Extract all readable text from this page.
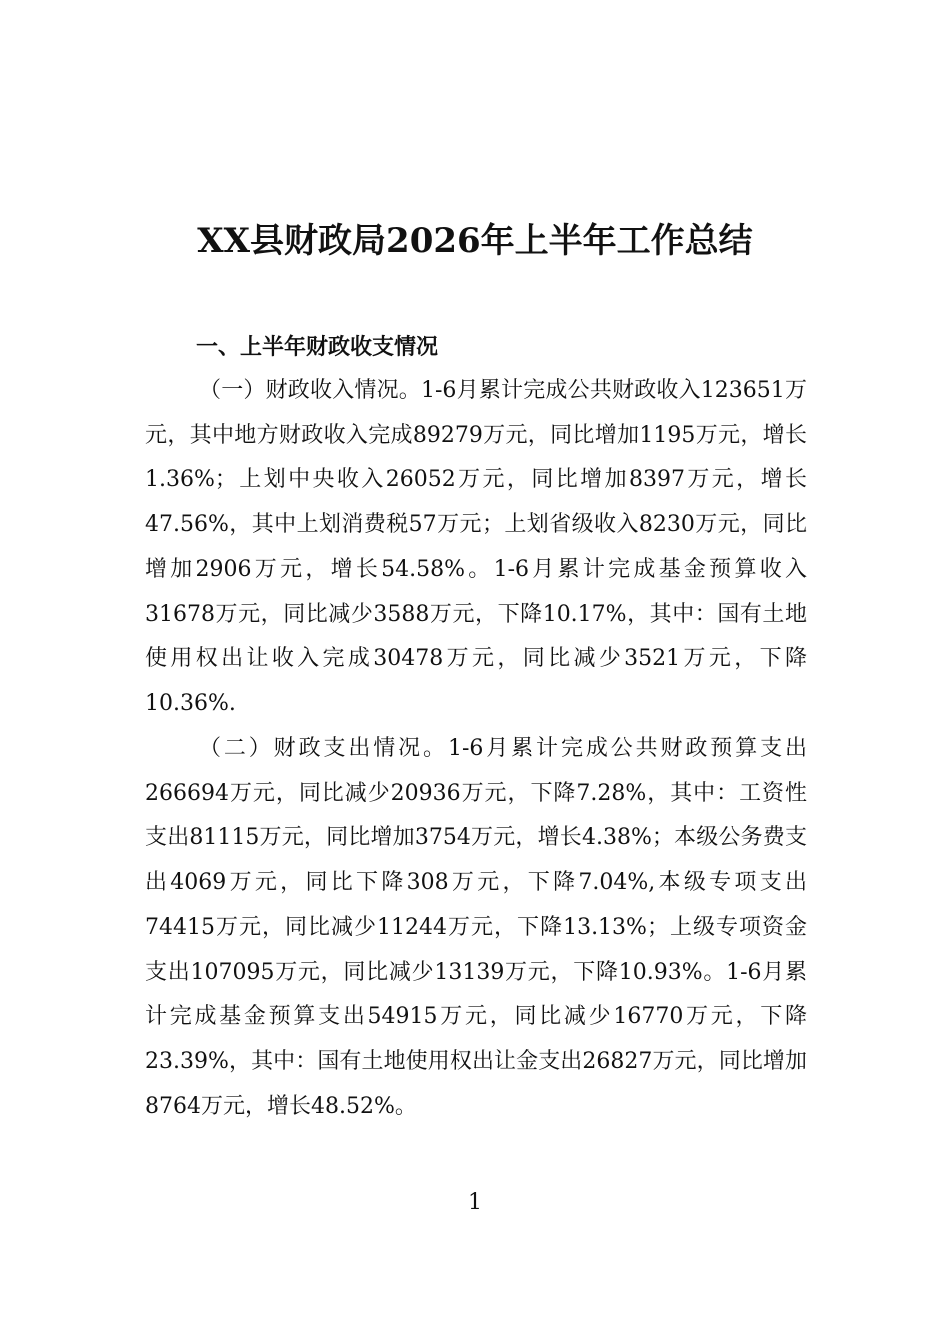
XX县财政局2026年上半年工作总结
一、上半年财政收支情况

（一）财政收入情况。1-6月累计完成公共财政收入123651万元，其中地方财政收入完成89279万元，同比增加1195万元，增长1.36%；上划中央收入26052万元，同比增加8397万元，增长47.56%，其中上划消费税57万元；上划省级收入8230万元，同比增加2906万元，增长54.58%。1-6月累计完成基金预算收入31678万元，同比减少3588万元，下降10.17%，其中：国有土地使用权出让收入完成30478万元，同比减少3521万元，下降10.36%.

（二）财政支出情况。1-6月累计完成公共财政预算支出266694万元，同比减少20936万元，下降7.28%，其中：工资性支出81115万元，同比增加3754万元，增长4.38%；本级公务费支出4069万元，同比下降308万元，下降7.04%,本级专项支出74415万元，同比减少11244万元，下降13.13%；上级专项资金支出107095万元，同比减少13139万元，下降10.93%。1-6月累计完成基金预算支出54915万元，同比减少16770万元，下降23.39%，其中：国有土地使用权出让金支出26827万元，同比增加8764万元，增长48.52%。

1
